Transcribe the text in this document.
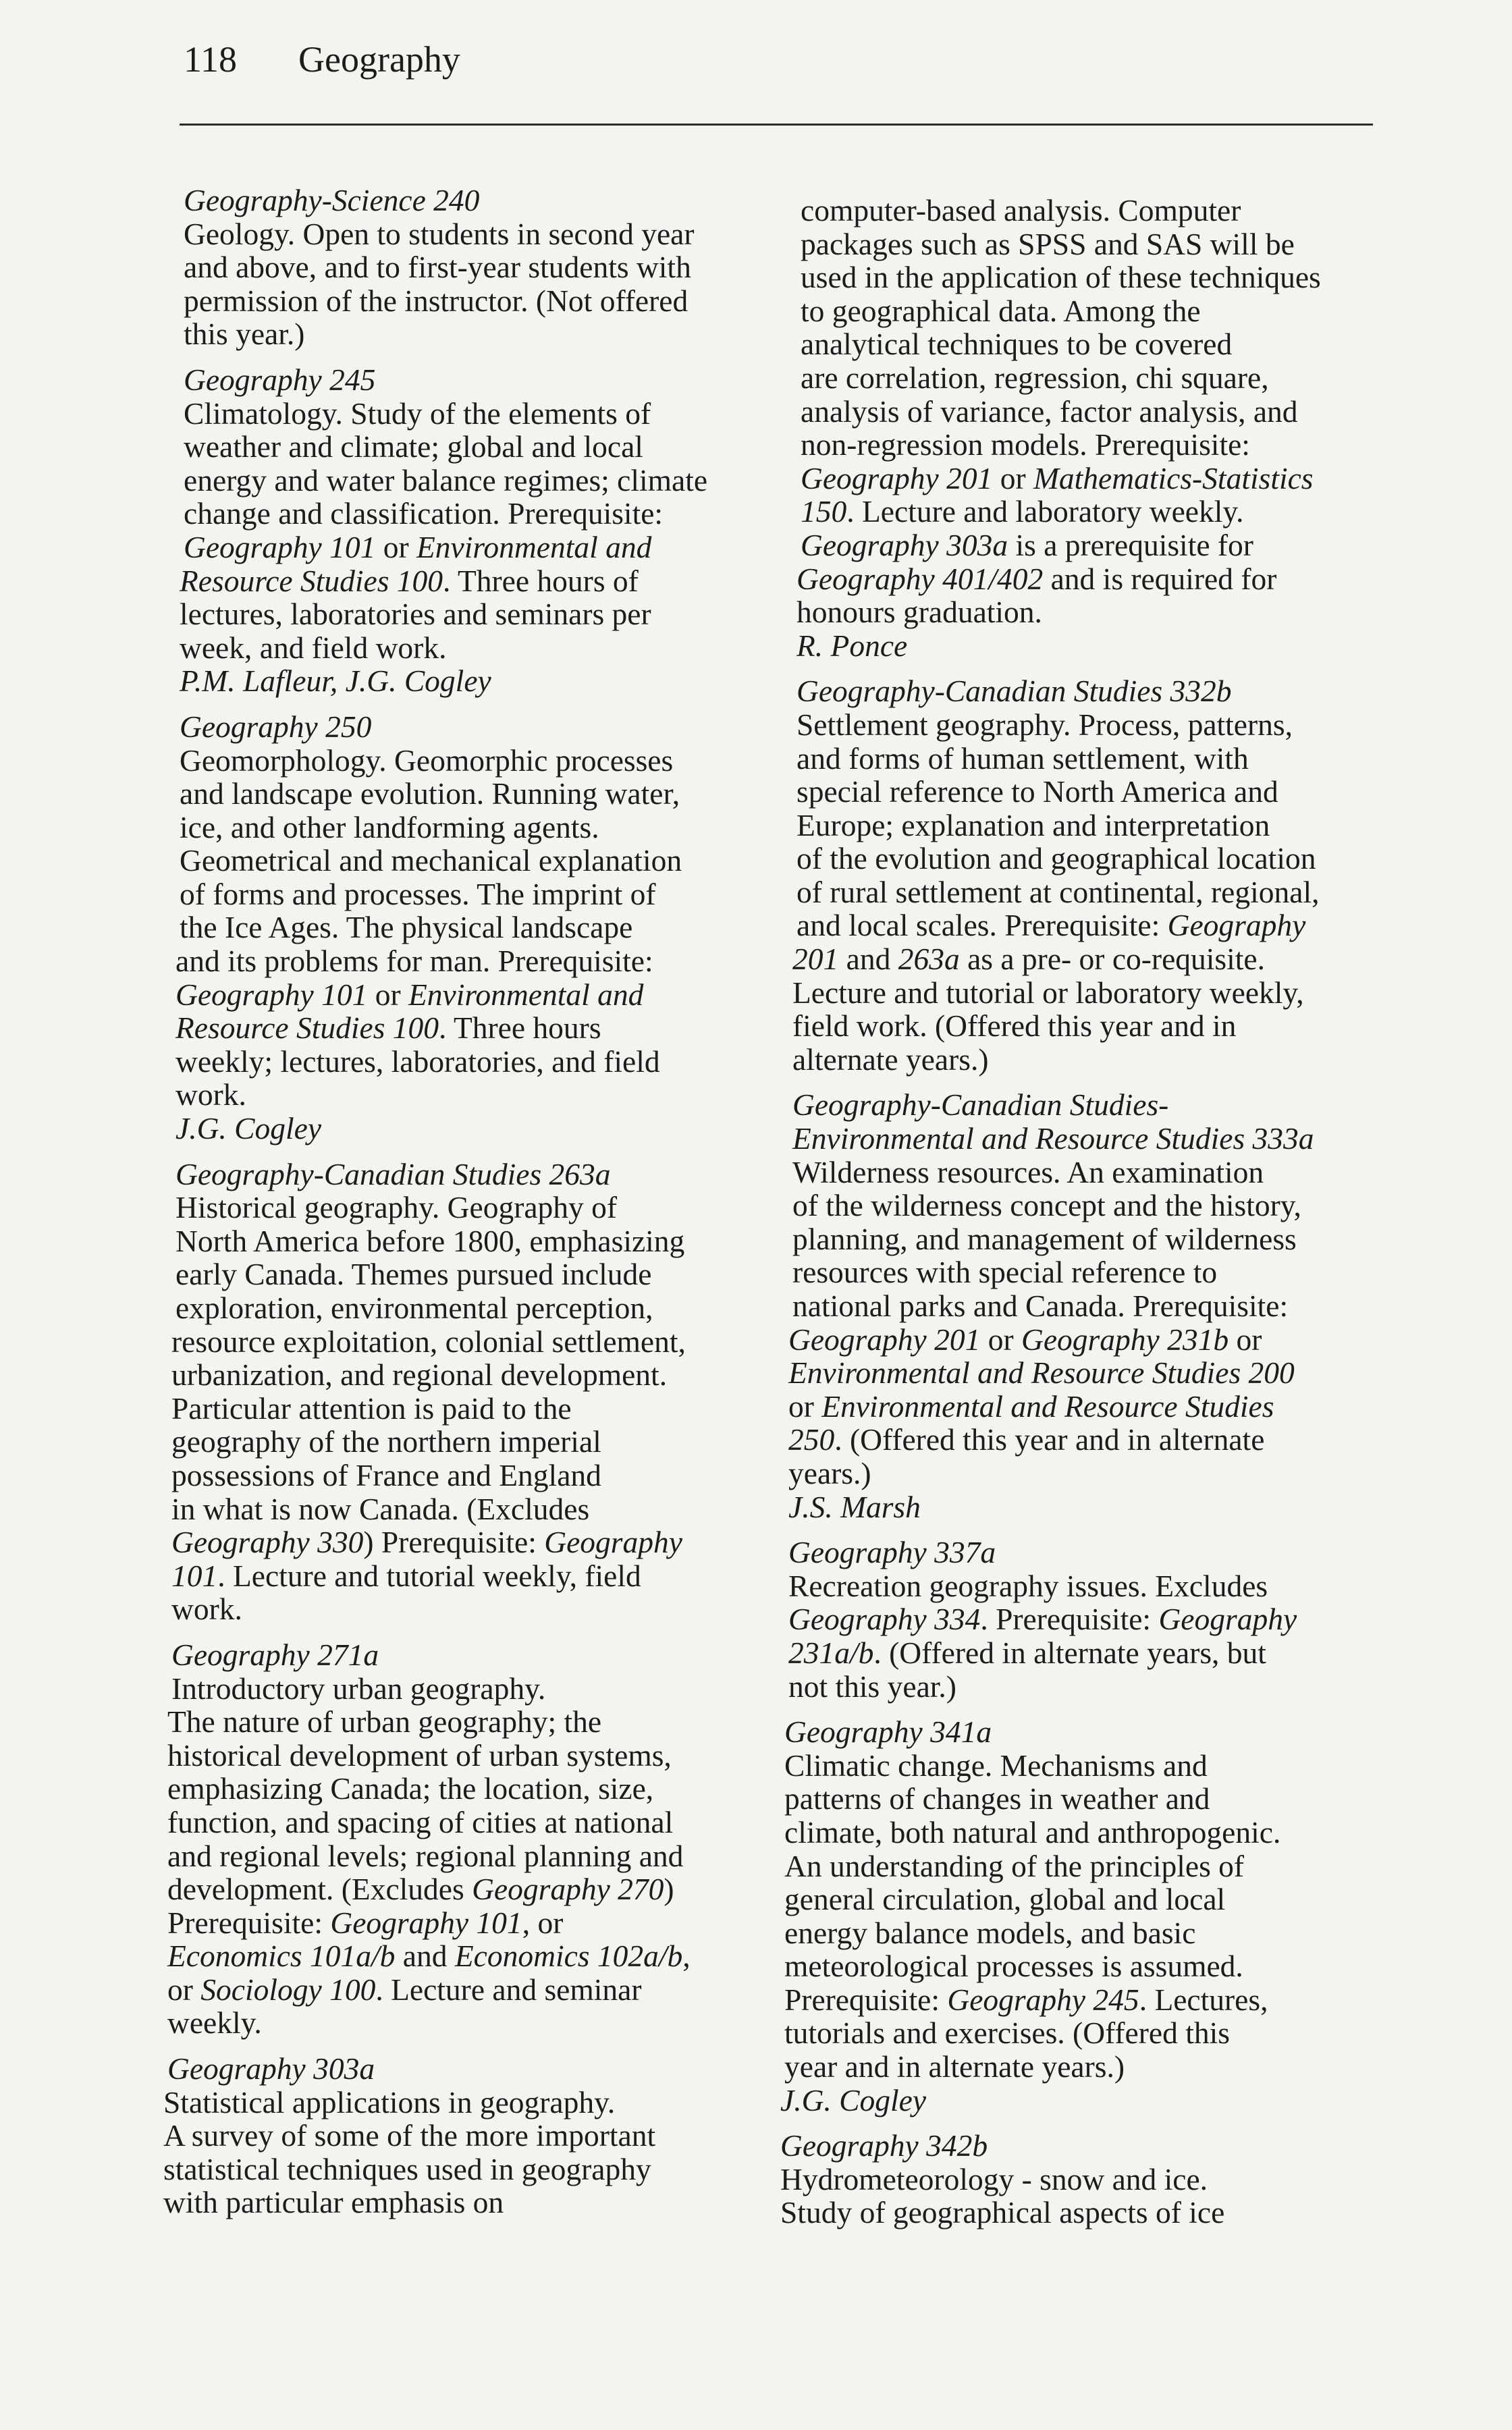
118 Geography
Geography-Science 240
Geology. Open to students in second year
and above, and to first-year students with
permission of the instructor. (Not offered
this year.)
Geography 245
Climatology. Study of the elements of
weather and climate; global and local
energy and water balance regimes; climate
change and classification. Prerequisite:
Geography 101 or Environmental and
Resource Studies 100. Three hours of
lectures, laboratories and seminars per
week, and field work.
P.M. Lafleur, J.G. Cogley
Geography 250
Geomorphology. Geomorphic processes
and landscape evolution. Running water,
ice, and other landforming agents.
Geometrical and mechanical explanation
of forms and processes. The imprint of
the Ice Ages. The physical landscape
and its problems for man. Prerequisite:
Geography 101 or Environmental and
Resource Studies 100. Three hours
weekly; lectures, laboratories, and field
work.
J.G. Cogley
Geography-Canadian Studies 263a
Historical geography. Geography of
North America before 1800, emphasizing
early Canada. Themes pursued include
exploration, environmental perception,
resource exploitation, colonial settlement,
urbanization, and regional development.
Particular attention is paid to the
geography of the northern imperial
possessions of France and England
in what is now Canada. (Excludes
Geography 330) Prerequisite: Geography
101. Lecture and tutorial weekly, field
work.
Geography 271a
Introductory urban geography.
The nature of urban geography; the
historical development of urban systems,
emphasizing Canada; the location, size,
function, and spacing of cities at national
and regional levels; regional planning and
development. (Excludes Geography 270)
Prerequisite: Geography 101, or
Economics 101a/b and Economics 102a/b,
or Sociology 100. Lecture and seminar
weekly.
Geography 303a
Statistical applications in geography.
A survey of some of the more important
statistical techniques used in geography
with particular emphasis on
computer-based analysis. Computer
packages such as SPSS and SAS will be
used in the application of these techniques
to geographical data. Among the
analytical techniques to be covered
are correlation, regression, chi square,
analysis of variance, factor analysis, and
non-regression models. Prerequisite:
Geography 201 or Mathematics-Statistics
150. Lecture and laboratory weekly.
Geography 303a is a prerequisite for
Geography 401/402 and is required for
honours graduation.
R. Ponce
Geography-Canadian Studies 332b
Settlement geography. Process, patterns,
and forms of human settlement, with
special reference to North America and
Europe; explanation and interpretation
of the evolution and geographical location
of rural settlement at continental, regional,
and local scales. Prerequisite: Geography
201 and 263a as a pre- or co-requisite.
Lecture and tutorial or laboratory weekly,
field work. (Offered this year and in
alternate years.)
Geography-Canadian Studies-
Environmental and Resource Studies 333a
Wilderness resources. An examination
of the wilderness concept and the history,
planning, and management of wilderness
resources with special reference to
national parks and Canada. Prerequisite:
Geography 201 or Geography 231b or
Environmental and Resource Studies 200
or Environmental and Resource Studies
250. (Offered this year and in alternate
years.)
J.S. Marsh
Geography 337a
Recreation geography issues. Excludes
Geography 334. Prerequisite: Geography
231a/b. (Offered in alternate years, but
not this year.)
Geography 341a
Climatic change. Mechanisms and
patterns of changes in weather and
climate, both natural and anthropogenic.
An understanding of the principles of
general circulation, global and local
energy balance models, and basic
meteorological processes is assumed.
Prerequisite: Geography 245. Lectures,
tutorials and exercises. (Offered this
year and in alternate years.)
J.G. Cogley
Geography 342b
Hydrometeorology - snow and ice.
Study of geographical aspects of ice
